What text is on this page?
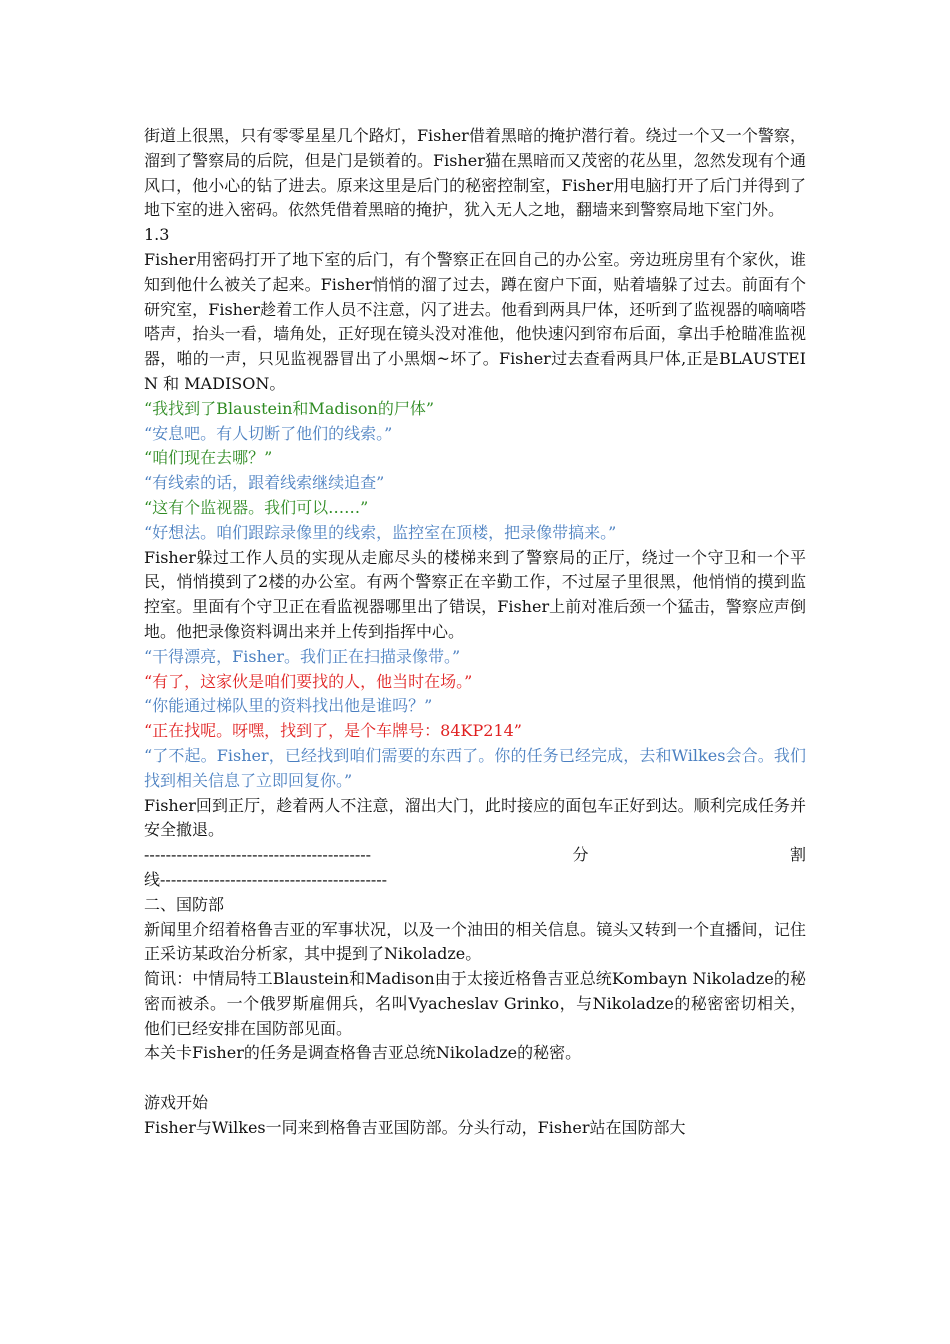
街道上很黑，只有零零星星几个路灯，Fisher借着黑暗的掩护潜行着。绕过一个又一个警察，溜到了警察局的后院，但是门是锁着的。Fisher猫在黑暗而又茂密的花丛里，忽然发现有个通风口，他小心的钻了进去。原来这里是后门的秘密控制室，Fisher用电脑打开了后门并得到了地下室的进入密码。依然凭借着黑暗的掩护，犹入无人之地，翻墙来到警察局地下室门外。

1.3

Fisher用密码打开了地下室的后门，有个警察正在回自己的办公室。旁边班房里有个家伙，谁知到他什么被关了起来。Fisher悄悄的溜了过去，蹲在窗户下面，贴着墙躲了过去。前面有个研究室，Fisher趁着工作人员不注意，闪了进去。他看到两具尸体，还听到了监视器的嘀嘀嗒嗒声，抬头一看，墙角处，正好现在镜头没对准他，他快速闪到帘布后面，拿出手枪瞄准监视器，啪的一声，只见监视器冒出了小黑烟~坏了。Fisher过去查看两具尸体,正是BLAUSTEIN 和 MADISON。

“我找到了Blaustein和Madison的尸体”

“安息吧。有人切断了他们的线索。”

“咱们现在去哪？”

“有线索的话，跟着线索继续追查”

“这有个监视器。我们可以……”

“好想法。咱们跟踪录像里的线索，监控室在顶楼，把录像带搞来。”

Fisher躲过工作人员的实现从走廊尽头的楼梯来到了警察局的正厅，绕过一个守卫和一个平民，悄悄摸到了2楼的办公室。有两个警察正在辛勤工作，不过屋子里很黑，他悄悄的摸到监控室。里面有个守卫正在看监视器哪里出了错误，Fisher上前对准后颈一个猛击，警察应声倒地。他把录像资料调出来并上传到指挥中心。

“干得漂亮，Fisher。我们正在扫描录像带。”

“有了，这家伙是咱们要找的人，他当时在场。”

“你能通过梯队里的资料找出他是谁吗？”

“正在找呢。呀嘿，找到了，是个车牌号：84KP214”

“了不起。Fisher，已经找到咱们需要的东西了。你的任务已经完成，去和Wilkes会合。我们找到相关信息了立即回复你。”

Fisher回到正厅，趁着两人不注意，溜出大门，此时接应的面包车正好到达。顺利完成任务并安全撤退。

------------------------------------------	分	割

线------------------------------------------

二、国防部

新闻里介绍着格鲁吉亚的军事状况，以及一个油田的相关信息。镜头又转到一个直播间，记住正采访某政治分析家，其中提到了Nikoladze。

简讯：中情局特工Blaustein和Madison由于太接近格鲁吉亚总统Kombayn Nikoladze的秘密而被杀。一个俄罗斯雇佣兵，名叫Vyacheslav Grinko，与Nikoladze的秘密密切相关，他们已经安排在国防部见面。

本关卡Fisher的任务是调查格鲁吉亚总统Nikoladze的秘密。

游戏开始

Fisher与Wilkes一同来到格鲁吉亚国防部。分头行动，Fisher站在国防部大
